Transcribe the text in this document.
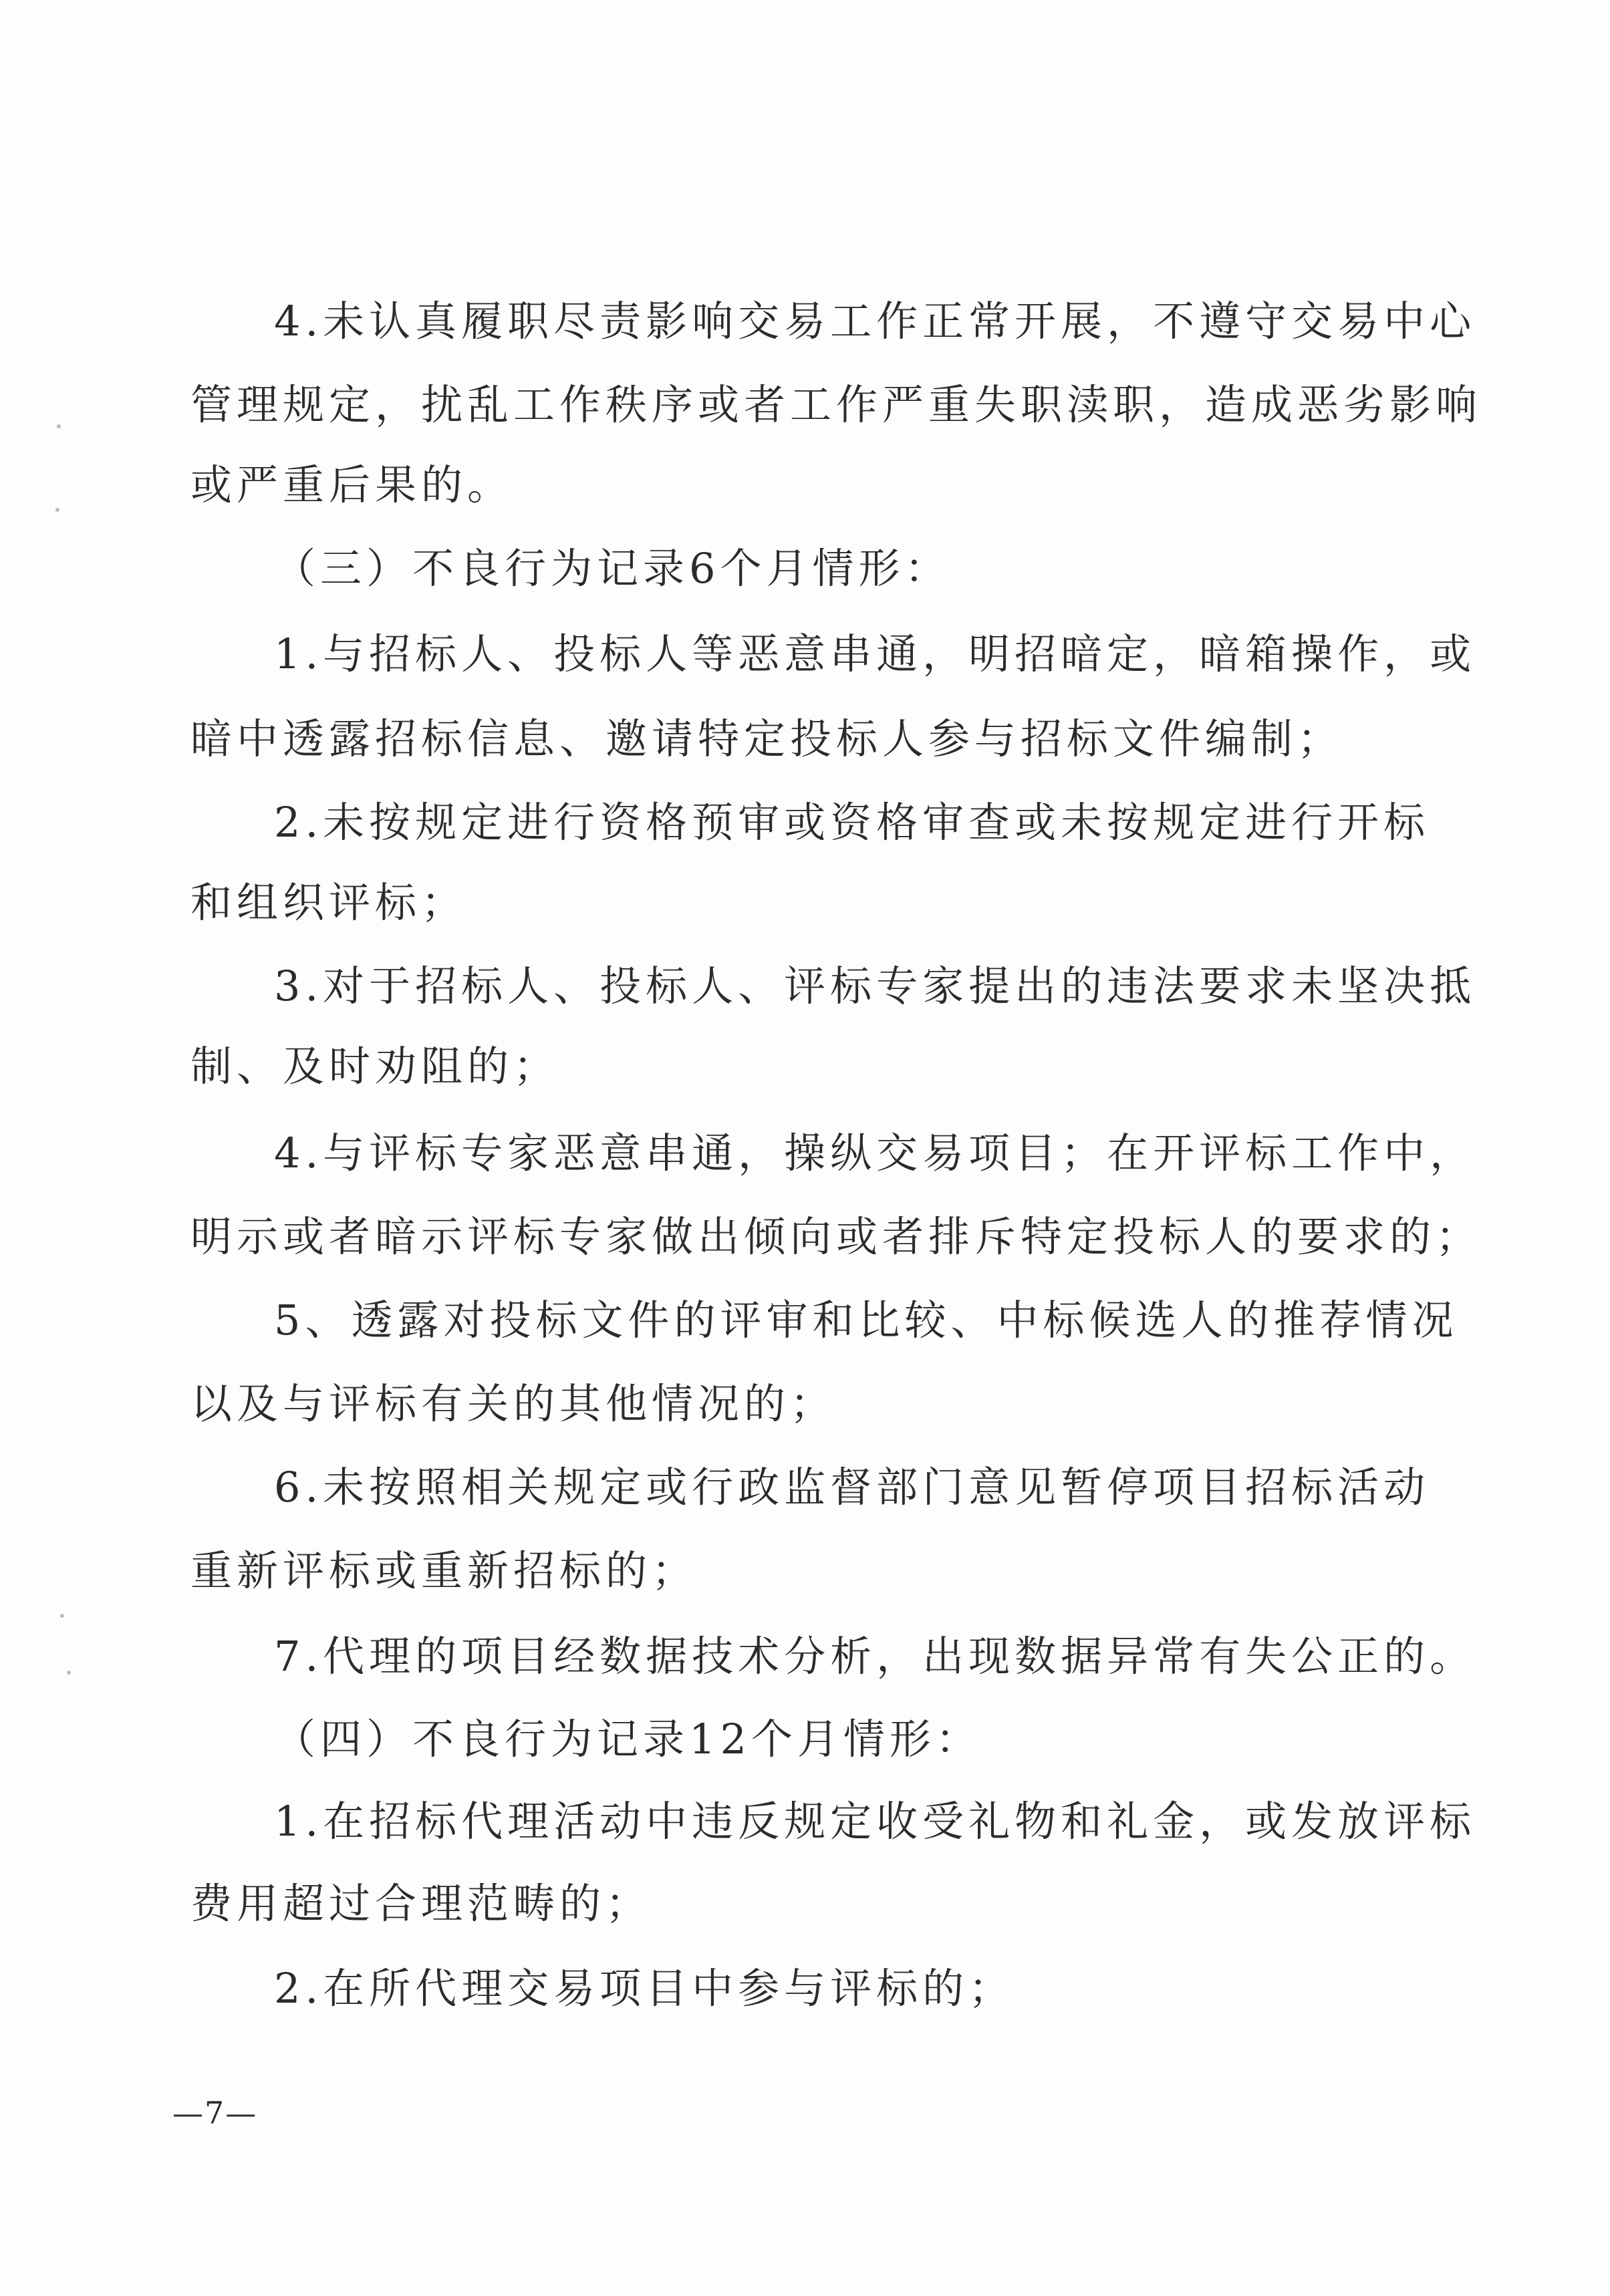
4.未认真履职尽责影响交易工作正常开展，不遵守交易中心
管理规定，扰乱工作秩序或者工作严重失职渎职，造成恶劣影响
或严重后果的。
（三）不良行为记录6个月情形：
1.与招标人、投标人等恶意串通，明招暗定，暗箱操作，或
暗中透露招标信息、邀请特定投标人参与招标文件编制；
2.未按规定进行资格预审或资格审查或未按规定进行开标
和组织评标；
3.对于招标人、投标人、评标专家提出的违法要求未坚决抵
制、及时劝阻的；
4.与评标专家恶意串通，操纵交易项目；在开评标工作中，
明示或者暗示评标专家做出倾向或者排斥特定投标人的要求的；
5、透露对投标文件的评审和比较、中标候选人的推荐情况
以及与评标有关的其他情况的；
6.未按照相关规定或行政监督部门意见暂停项目招标活动
重新评标或重新招标的；
7.代理的项目经数据技术分析，出现数据异常有失公正的。
（四）不良行为记录12个月情形：
1.在招标代理活动中违反规定收受礼物和礼金，或发放评标
费用超过合理范畴的；
2.在所代理交易项目中参与评标的；
—7—
